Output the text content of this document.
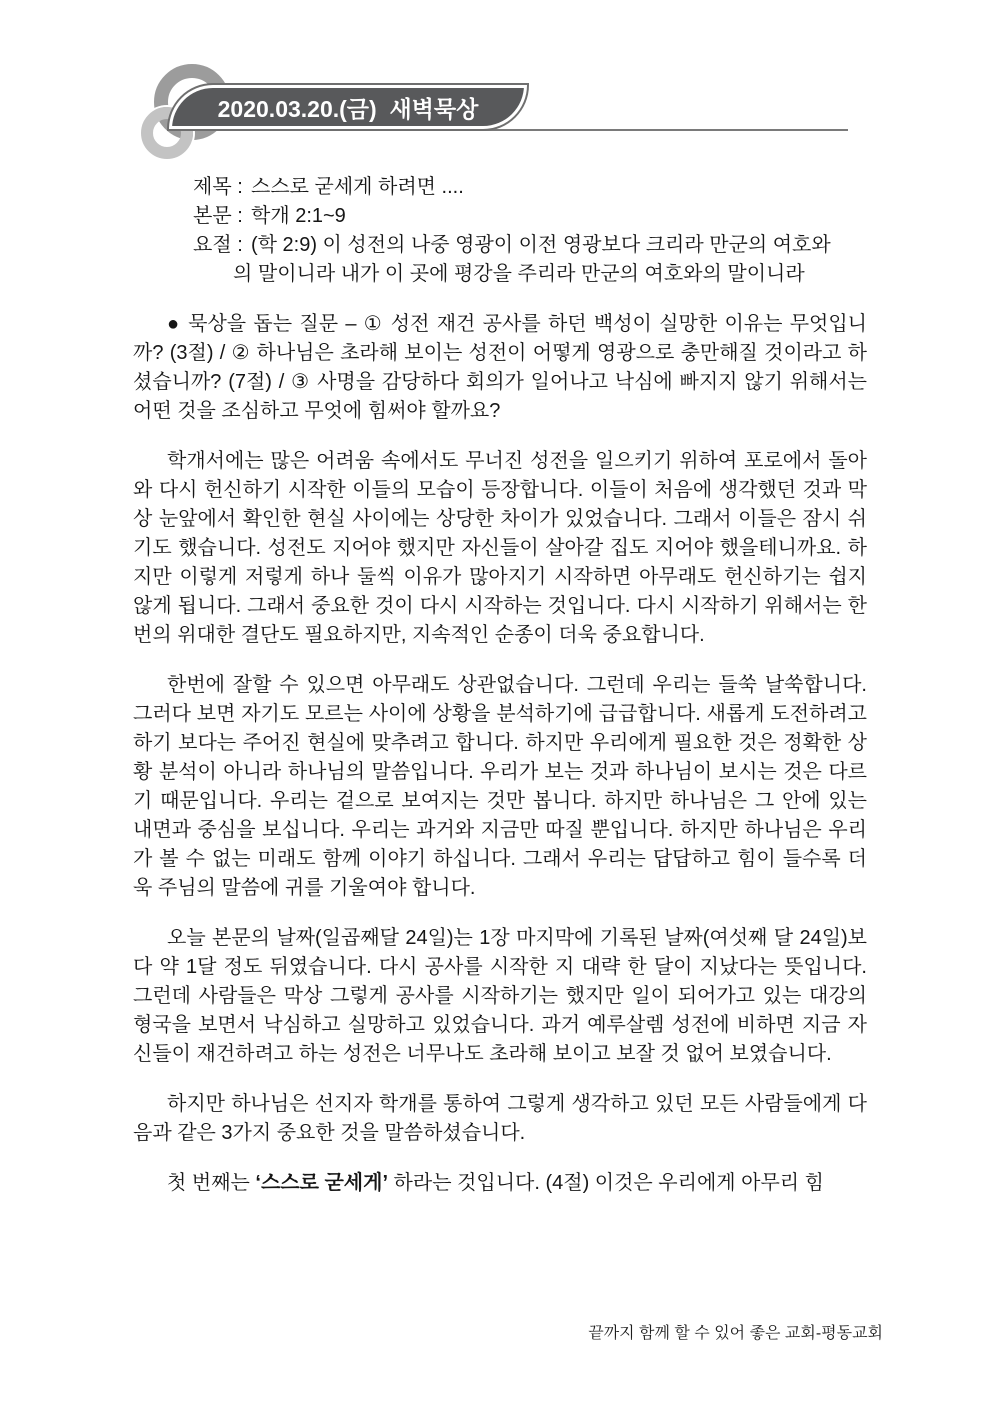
2020.03.20.(금)  새벽묵상
제목 : 스스로 굳세게 하려면 ....
본문 : 학개 2:1~9
요절 : (학 2:9) 이 성전의 나중 영광이 이전 영광보다 크리라 만군의 여호와
의 말이니라 내가 이 곳에 평강을 주리라 만군의 여호와의 말이니라

● 묵상을 돕는 질문 – ① 성전 재건 공사를 하던 백성이 실망한 이유는 무엇입니까? (3절) / ② 하나님은 초라해 보이는 성전이 어떻게 영광으로 충만해질 것이라고 하셨습니까? (7절) / ③ 사명을 감당하다 회의가 일어나고 낙심에 빠지지 않기 위해서는 어떤 것을 조심하고 무엇에 힘써야 할까요?

학개서에는 많은 어려움 속에서도 무너진 성전을 일으키기 위하여 포로에서 돌아와 다시 헌신하기 시작한 이들의 모습이 등장합니다. 이들이 처음에 생각했던 것과 막상 눈앞에서 확인한 현실 사이에는 상당한 차이가 있었습니다. 그래서 이들은 잠시 쉬기도 했습니다. 성전도 지어야 했지만 자신들이 살아갈 집도 지어야 했을테니까요. 하지만 이렇게 저렇게 하나 둘씩 이유가 많아지기 시작하면 아무래도 헌신하기는 쉽지 않게 됩니다. 그래서 중요한 것이 다시 시작하는 것입니다. 다시 시작하기 위해서는 한번의 위대한 결단도 필요하지만, 지속적인 순종이 더욱 중요합니다.

한번에 잘할 수 있으면 아무래도 상관없습니다. 그런데 우리는 들쑥 날쑥합니다. 그러다 보면 자기도 모르는 사이에 상황을 분석하기에 급급합니다. 새롭게 도전하려고 하기 보다는 주어진 현실에 맞추려고 합니다. 하지만 우리에게 필요한 것은 정확한 상황 분석이 아니라 하나님의 말씀입니다. 우리가 보는 것과 하나님이 보시는 것은 다르기 때문입니다. 우리는 겉으로 보여지는 것만 봅니다. 하지만 하나님은 그 안에 있는 내면과 중심을 보십니다. 우리는 과거와 지금만 따질 뿐입니다. 하지만 하나님은 우리가 볼 수 없는 미래도 함께 이야기 하십니다. 그래서 우리는 답답하고 힘이 들수록 더욱 주님의 말씀에 귀를 기울여야 합니다.

오늘 본문의 날짜(일곱째달 24일)는 1장 마지막에 기록된 날짜(여섯째 달 24일)보다 약 1달 정도 뒤였습니다. 다시 공사를 시작한 지 대략 한 달이 지났다는 뜻입니다. 그런데 사람들은 막상 그렇게 공사를 시작하기는 했지만 일이 되어가고 있는 대강의 형국을 보면서 낙심하고 실망하고 있었습니다. 과거 예루살렘 성전에 비하면 지금 자신들이 재건하려고 하는 성전은 너무나도 초라해 보이고 보잘 것 없어 보였습니다.

하지만 하나님은 선지자 학개를 통하여 그렇게 생각하고 있던 모든 사람들에게 다음과 같은 3가지 중요한 것을 말씀하셨습니다.

첫 번째는 ‘스스로 굳세게’ 하라는 것입니다. (4절) 이것은 우리에게 아무리 힘

끝까지 함께 할 수 있어 좋은 교회-평동교회
